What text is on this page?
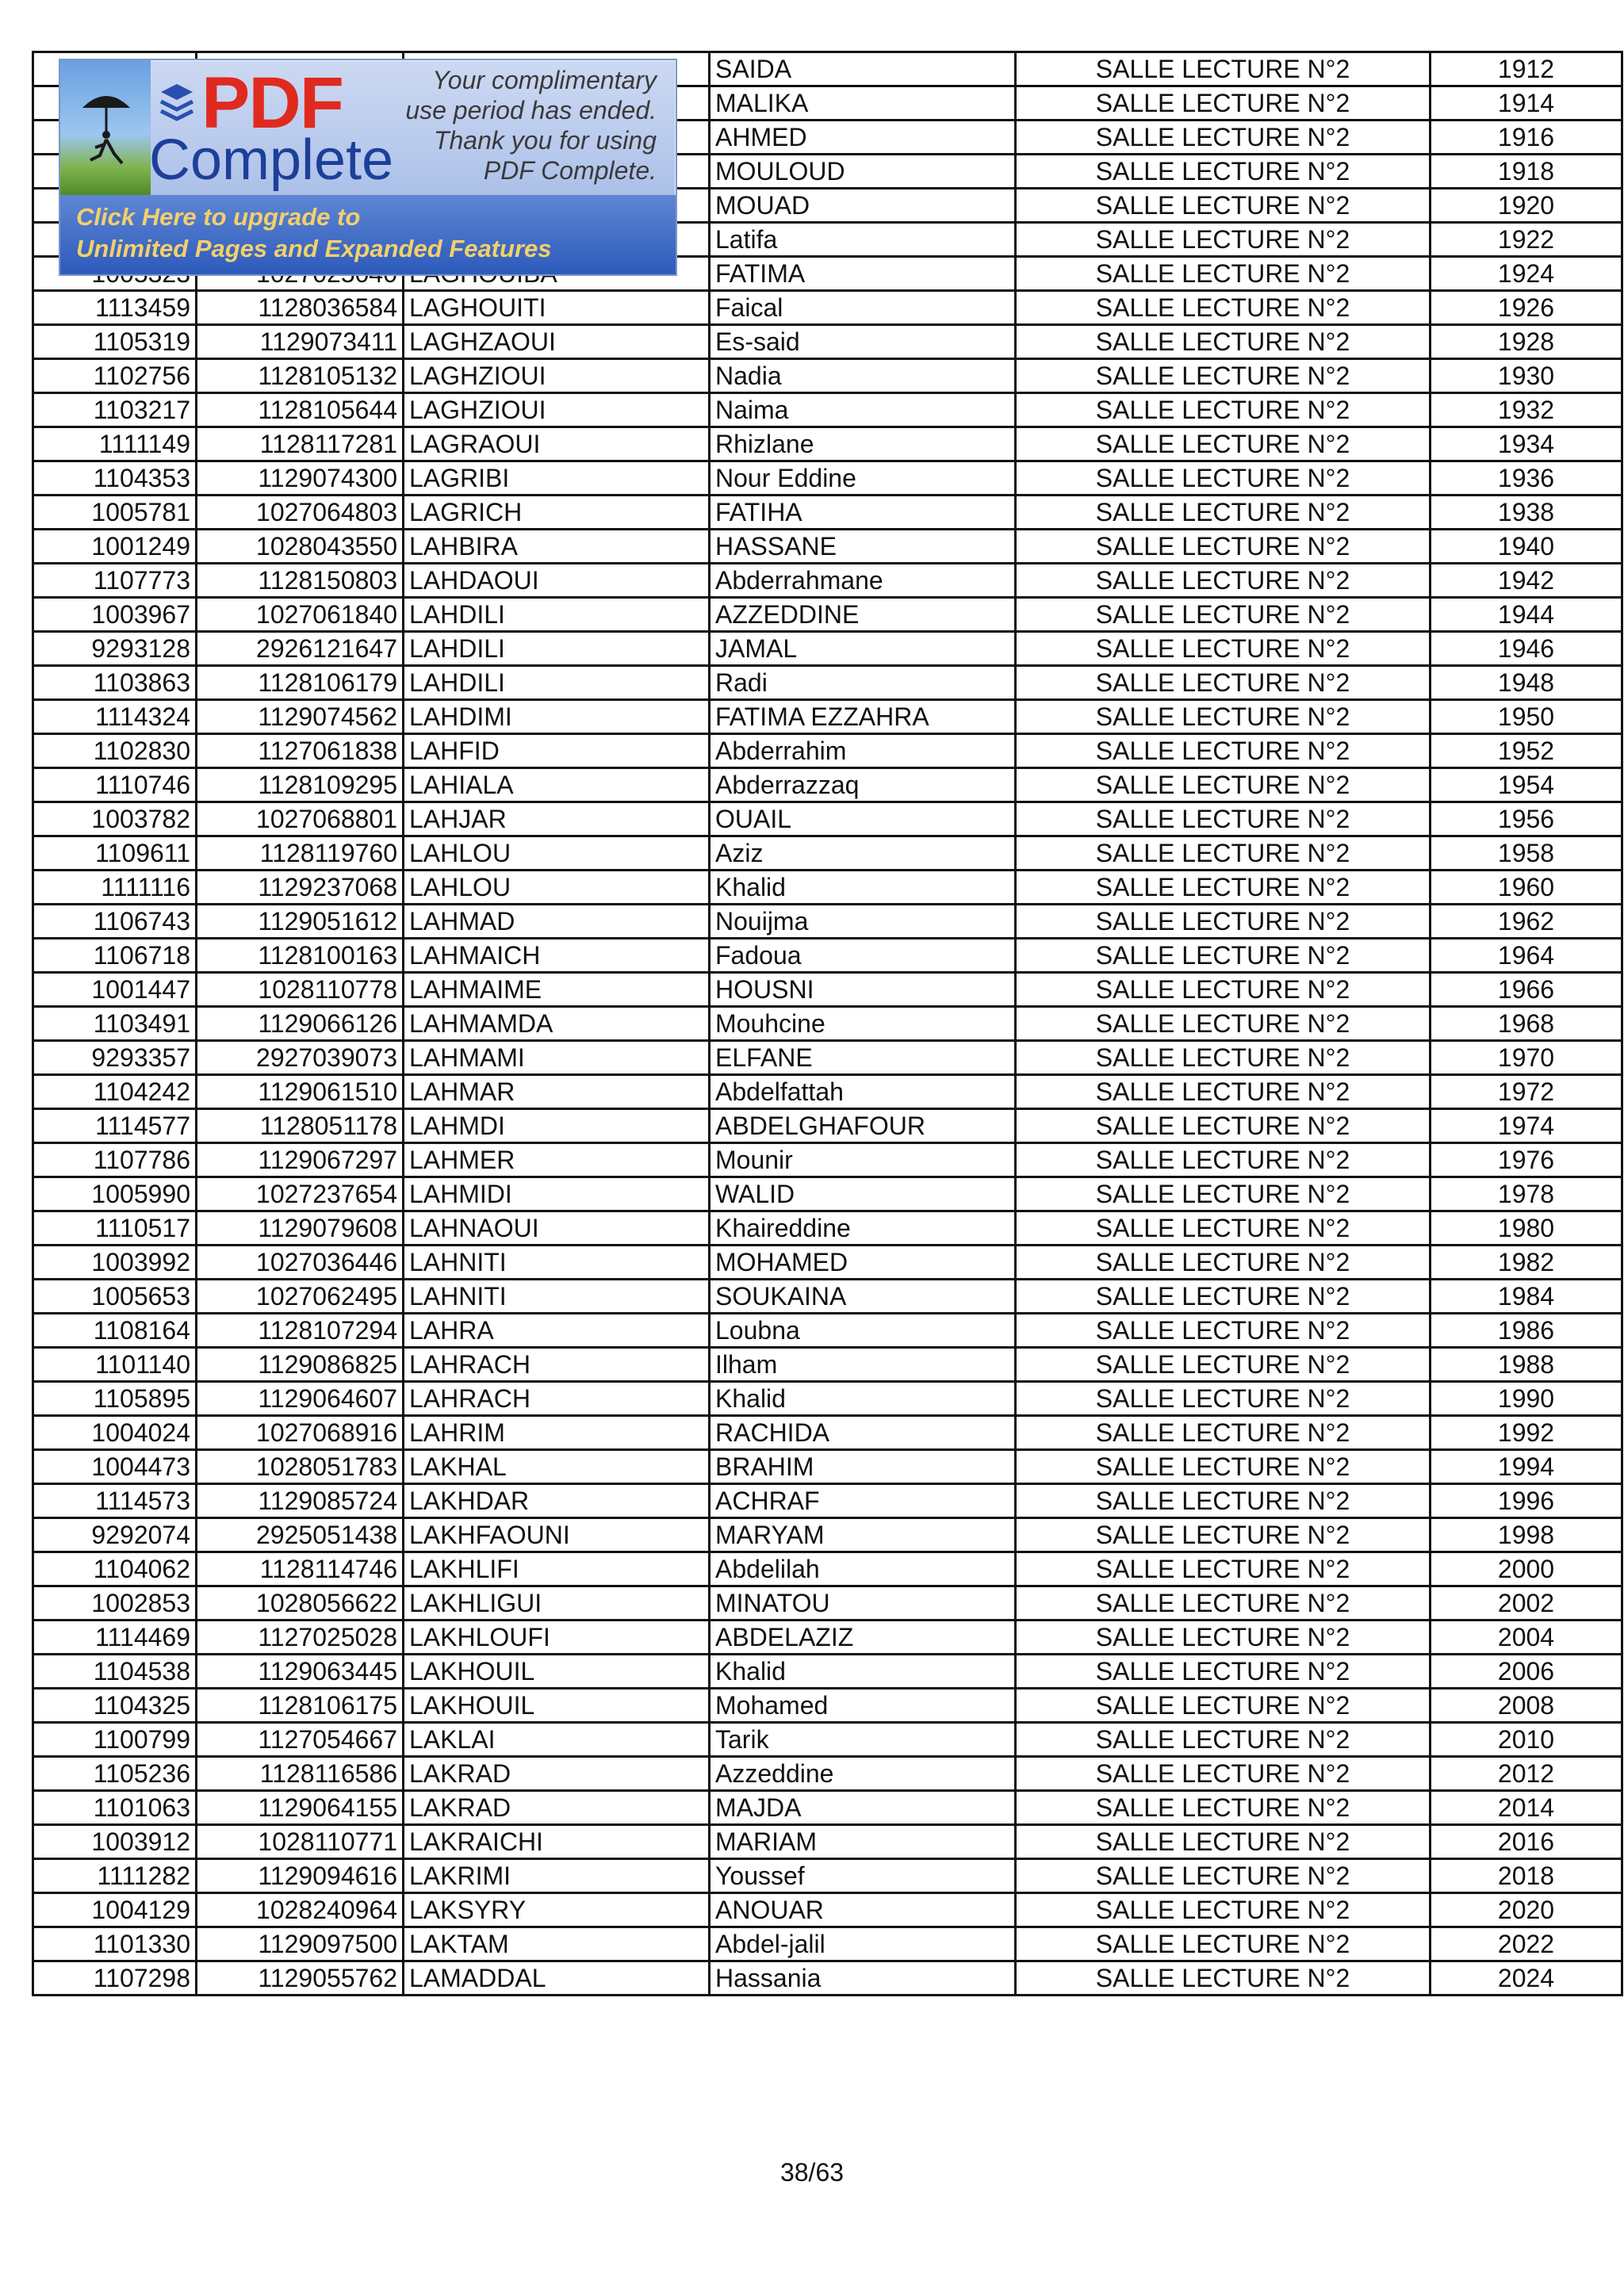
			SAIDA	SALLE LECTURE N°2	1912
			MALIKA	SALLE LECTURE N°2	1914
			AHMED	SALLE LECTURE N°2	1916
			MOULOUD	SALLE LECTURE N°2	1918
			MOUAD	SALLE LECTURE N°2	1920
			Latifa	SALLE LECTURE N°2	1922
			FATIMA	SALLE LECTURE N°2	1924
1113459	1128036584	LAGHOUITI	Faical	SALLE LECTURE N°2	1926
1105319	1129073411	LAGHZAOUI	Es-said	SALLE LECTURE N°2	1928
1102756	1128105132	LAGHZIOUI	Nadia	SALLE LECTURE N°2	1930
1103217	1128105644	LAGHZIOUI	Naima	SALLE LECTURE N°2	1932
1111149	1128117281	LAGRAOUI	Rhizlane	SALLE LECTURE N°2	1934
1104353	1129074300	LAGRIBI	Nour Eddine	SALLE LECTURE N°2	1936
1005781	1027064803	LAGRICH	FATIHA	SALLE LECTURE N°2	1938
1001249	1028043550	LAHBIRA	HASSANE	SALLE LECTURE N°2	1940
1107773	1128150803	LAHDAOUI	Abderrahmane	SALLE LECTURE N°2	1942
1003967	1027061840	LAHDILI	AZZEDDINE	SALLE LECTURE N°2	1944
9293128	2926121647	LAHDILI	JAMAL	SALLE LECTURE N°2	1946
1103863	1128106179	LAHDILI	Radi	SALLE LECTURE N°2	1948
1114324	1129074562	LAHDIMI	FATIMA EZZAHRA	SALLE LECTURE N°2	1950
1102830	1127061838	LAHFID	Abderrahim	SALLE LECTURE N°2	1952
1110746	1128109295	LAHIALA	Abderrazzaq	SALLE LECTURE N°2	1954
1003782	1027068801	LAHJAR	OUAIL	SALLE LECTURE N°2	1956
1109611	1128119760	LAHLOU	Aziz	SALLE LECTURE N°2	1958
1111116	1129237068	LAHLOU	Khalid	SALLE LECTURE N°2	1960
1106743	1129051612	LAHMAD	Nouijma	SALLE LECTURE N°2	1962
1106718	1128100163	LAHMAICH	Fadoua	SALLE LECTURE N°2	1964
1001447	1028110778	LAHMAIME	HOUSNI	SALLE LECTURE N°2	1966
1103491	1129066126	LAHMAMDA	Mouhcine	SALLE LECTURE N°2	1968
9293357	2927039073	LAHMAMI	ELFANE	SALLE LECTURE N°2	1970
1104242	1129061510	LAHMAR	Abdelfattah	SALLE LECTURE N°2	1972
1114577	1128051178	LAHMDI	ABDELGHAFOUR	SALLE LECTURE N°2	1974
1107786	1129067297	LAHMER	Mounir	SALLE LECTURE N°2	1976
1005990	1027237654	LAHMIDI	WALID	SALLE LECTURE N°2	1978
1110517	1129079608	LAHNAOUI	Khaireddine	SALLE LECTURE N°2	1980
1003992	1027036446	LAHNITI	MOHAMED	SALLE LECTURE N°2	1982
1005653	1027062495	LAHNITI	SOUKAINA	SALLE LECTURE N°2	1984
1108164	1128107294	LAHRA	Loubna	SALLE LECTURE N°2	1986
1101140	1129086825	LAHRACH	Ilham	SALLE LECTURE N°2	1988
1105895	1129064607	LAHRACH	Khalid	SALLE LECTURE N°2	1990
1004024	1027068916	LAHRIM	RACHIDA	SALLE LECTURE N°2	1992
1004473	1028051783	LAKHAL	BRAHIM	SALLE LECTURE N°2	1994
1114573	1129085724	LAKHDAR	ACHRAF	SALLE LECTURE N°2	1996
9292074	2925051438	LAKHFAOUNI	MARYAM	SALLE LECTURE N°2	1998
1104062	1128114746	LAKHLIFI	Abdelilah	SALLE LECTURE N°2	2000
1002853	1028056622	LAKHLIGUI	MINATOU	SALLE LECTURE N°2	2002
1114469	1127025028	LAKHLOUFI	ABDELAZIZ	SALLE LECTURE N°2	2004
1104538	1129063445	LAKHOUIL	Khalid	SALLE LECTURE N°2	2006
1104325	1128106175	LAKHOUIL	Mohamed	SALLE LECTURE N°2	2008
1100799	1127054667	LAKLAI	Tarik	SALLE LECTURE N°2	2010
1105236	1128116586	LAKRAD	Azzeddine	SALLE LECTURE N°2	2012
1101063	1129064155	LAKRAD	MAJDA	SALLE LECTURE N°2	2014
1003912	1028110771	LAKRAICHI	MARIAM	SALLE LECTURE N°2	2016
1111282	1129094616	LAKRIMI	Youssef	SALLE LECTURE N°2	2018
1004129	1028240964	LAKSYRY	ANOUAR	SALLE LECTURE N°2	2020
1101330	1129097500	LAKTAM	Abdel-jalil	SALLE LECTURE N°2	2022
1107298	1129055762	LAMADDAL	Hassania	SALLE LECTURE N°2	2024
PDF
Complete
Your complimentary
use period has ended.
Thank you for using
PDF Complete.
Click Here to upgrade to
Unlimited Pages and Expanded Features
38/63
